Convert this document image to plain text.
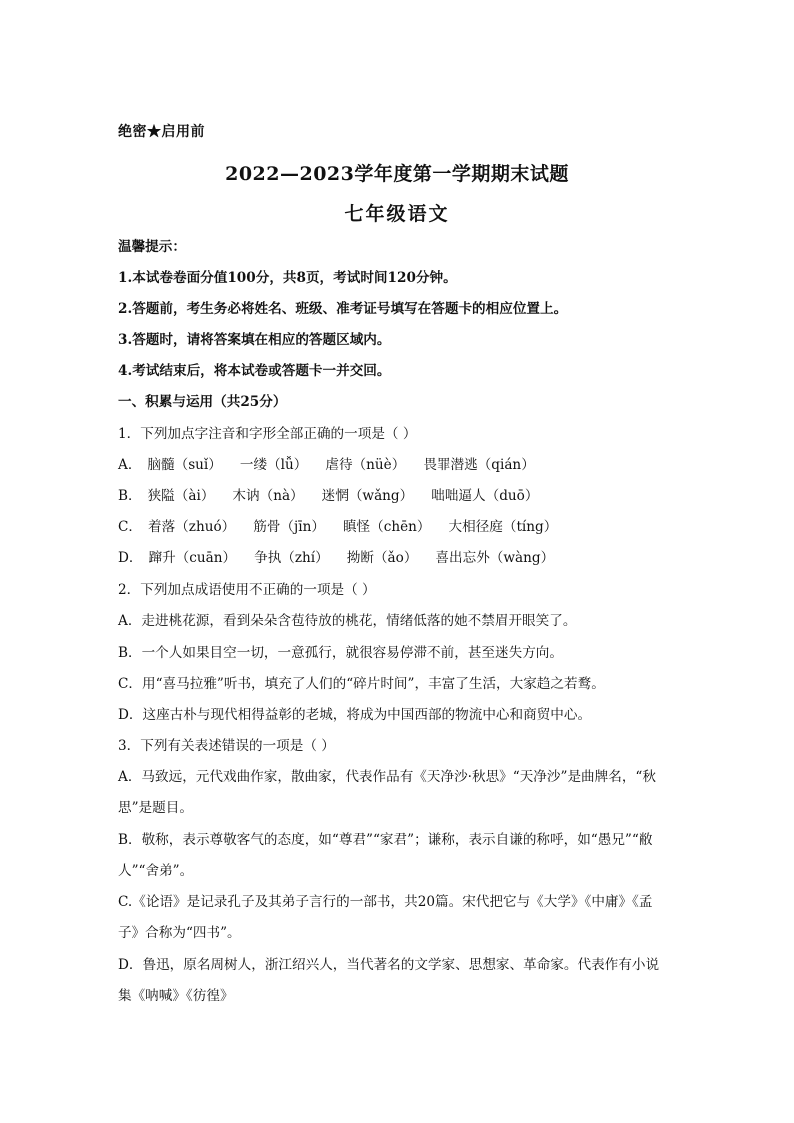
绝密★启用前
2022—2023学年度第一学期期末试题
七年级语文
温馨提示：
1.本试卷卷面分值100分，共8页，考试时间120分钟。
2.答题前，考生务必将姓名、班级、准考证号填写在答题卡的相应位置上。
3.答题时，请将答案填在相应的答题区域内。
4.考试结束后，将本试卷或答题卡一并交回。
一、积累与运用（共25分）
1．下列加点字注音和字形全部正确的一项是（ ）
A． 脑髓（suǐ） 一缕（lǚ） 虐待（nüè） 畏罪潜逃（qián）
B． 狭隘（ài） 木讷（nà） 迷惘（wǎng） 咄咄逼人（duō）
C． 着落（zhuó） 筋骨（jīn） 瞋怪（chēn） 大相径庭（tíng）
D． 蹿升（cuān） 争执（zhí） 拗断（ǎo） 喜出忘外（wàng）
2．下列加点成语使用不正确的一项是（ ）
A．走进桃花源，看到朵朵含苞待放的桃花，情绪低落的她不禁眉开眼笑了。
B．一个人如果目空一切，一意孤行，就很容易停滞不前，甚至迷失方向。
C．用“喜马拉雅”听书，填充了人们的“碎片时间”，丰富了生活，大家趋之若鹜。
D．这座古朴与现代相得益彰的老城，将成为中国西部的物流中心和商贸中心。
3．下列有关表述错误的一项是（ ）
A．马致远，元代戏曲作家，散曲家，代表作品有《天净沙·秋思》“天净沙”是曲牌名，“秋
思”是题目。
B．敬称，表示尊敬客气的态度，如“尊君”“家君”；谦称，表示自谦的称呼，如“愚兄”“敝
人”“舍弟”。
C.《论语》是记录孔子及其弟子言行的一部书，共20篇。宋代把它与《大学》《中庸》《孟
子》合称为“四书”。
D．鲁迅，原名周树人，浙江绍兴人，当代著名的文学家、思想家、革命家。代表作有小说
集《呐喊》《彷徨》
